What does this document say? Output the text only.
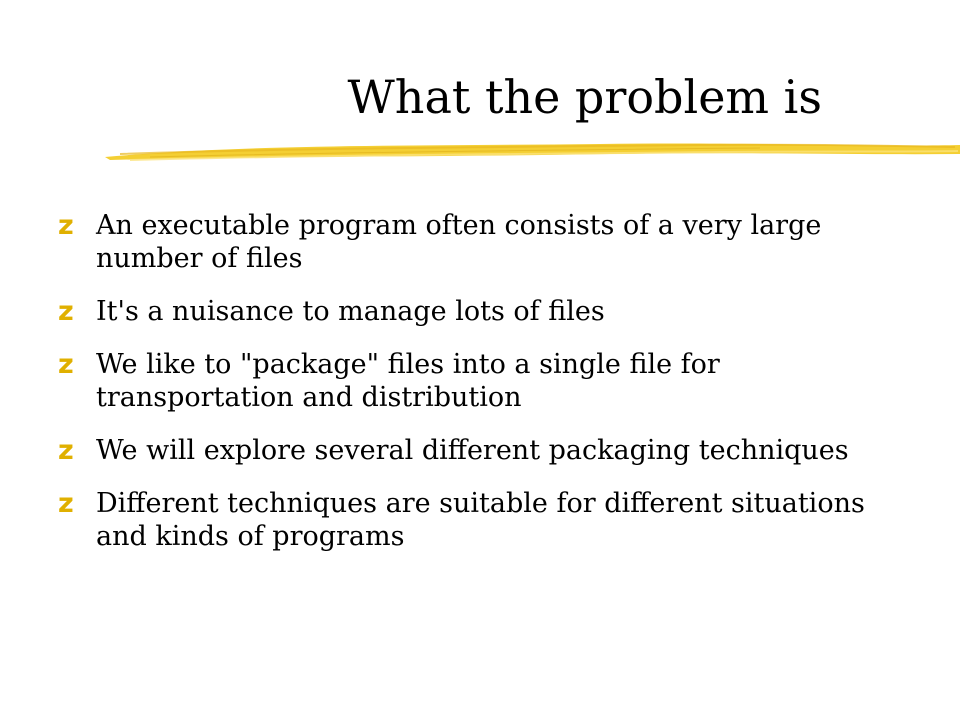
What the problem is
z An executable program often consists of a very large number of files
z It's a nuisance to manage lots of files
z We like to "package" files into a single file for transportation and distribution
z We will explore several different packaging techniques
z Different techniques are suitable for different situations and kinds of programs
